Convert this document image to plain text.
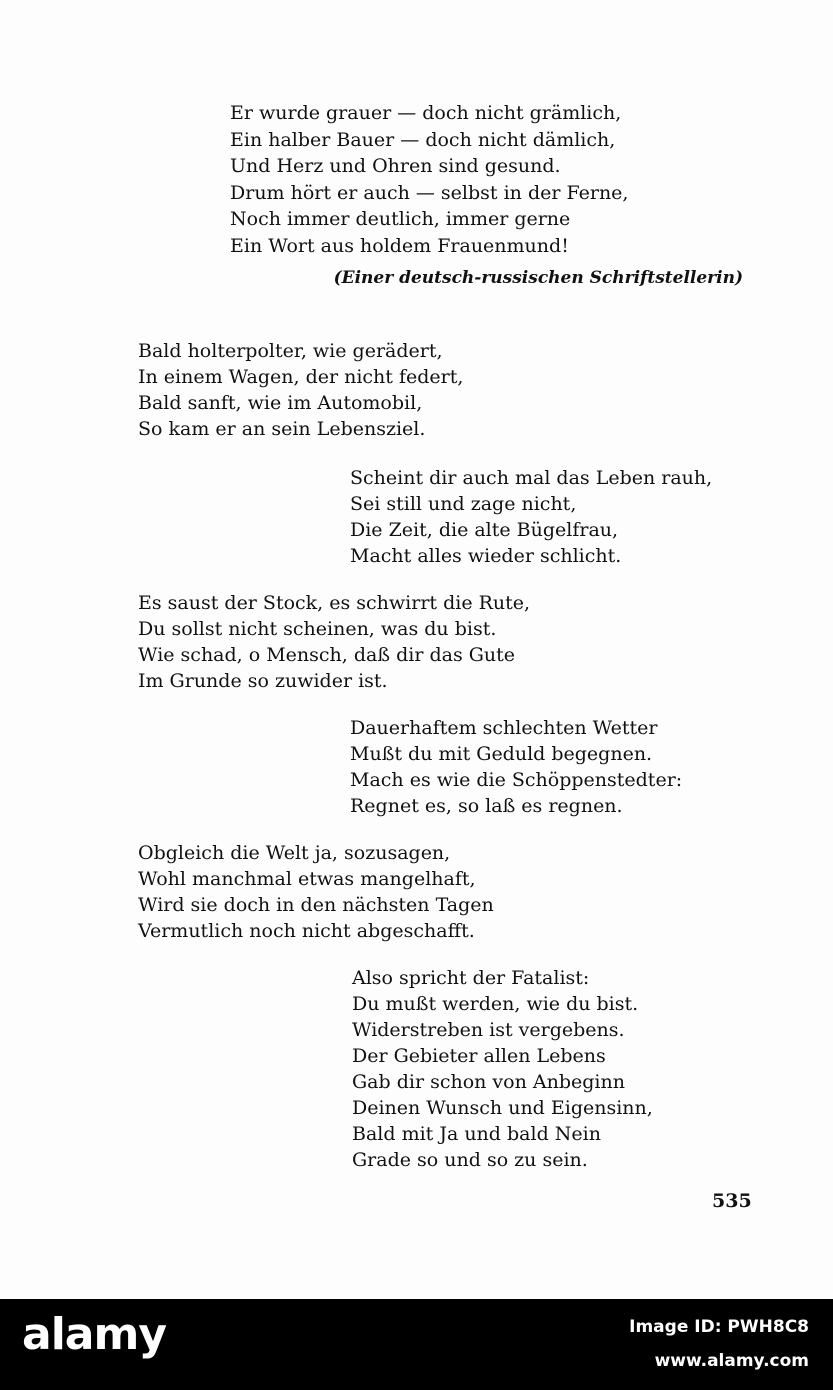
Er wurde grauer — doch nicht grämlich,
Ein halber Bauer — doch nicht dämlich,
Und Herz und Ohren sind gesund.
Drum hört er auch — selbst in der Ferne,
Noch immer deutlich, immer gerne
Ein Wort aus holdem Frauenmund!
(Einer deutsch-russischen Schriftstellerin)
Bald holterpolter, wie gerädert,
In einem Wagen, der nicht federt,
Bald sanft, wie im Automobil,
So kam er an sein Lebensziel.
Scheint dir auch mal das Leben rauh,
Sei still und zage nicht,
Die Zeit, die alte Bügelfrau,
Macht alles wieder schlicht.
Es saust der Stock, es schwirrt die Rute,
Du sollst nicht scheinen, was du bist.
Wie schad, o Mensch, daß dir das Gute
Im Grunde so zuwider ist.
Dauerhaftem schlechten Wetter
Mußt du mit Geduld begegnen.
Mach es wie die Schöppenstedter:
Regnet es, so laß es regnen.
Obgleich die Welt ja, sozusagen,
Wohl manchmal etwas mangelhaft,
Wird sie doch in den nächsten Tagen
Vermutlich noch nicht abgeschafft.
Also spricht der Fatalist:
Du mußt werden, wie du bist.
Widerstreben ist vergebens.
Der Gebieter allen Lebens
Gab dir schon von Anbeginn
Deinen Wunsch und Eigensinn,
Bald mit Ja und bald Nein
Grade so und so zu sein.
535
alamy	Image ID: PWH8C8
www.alamy.com
